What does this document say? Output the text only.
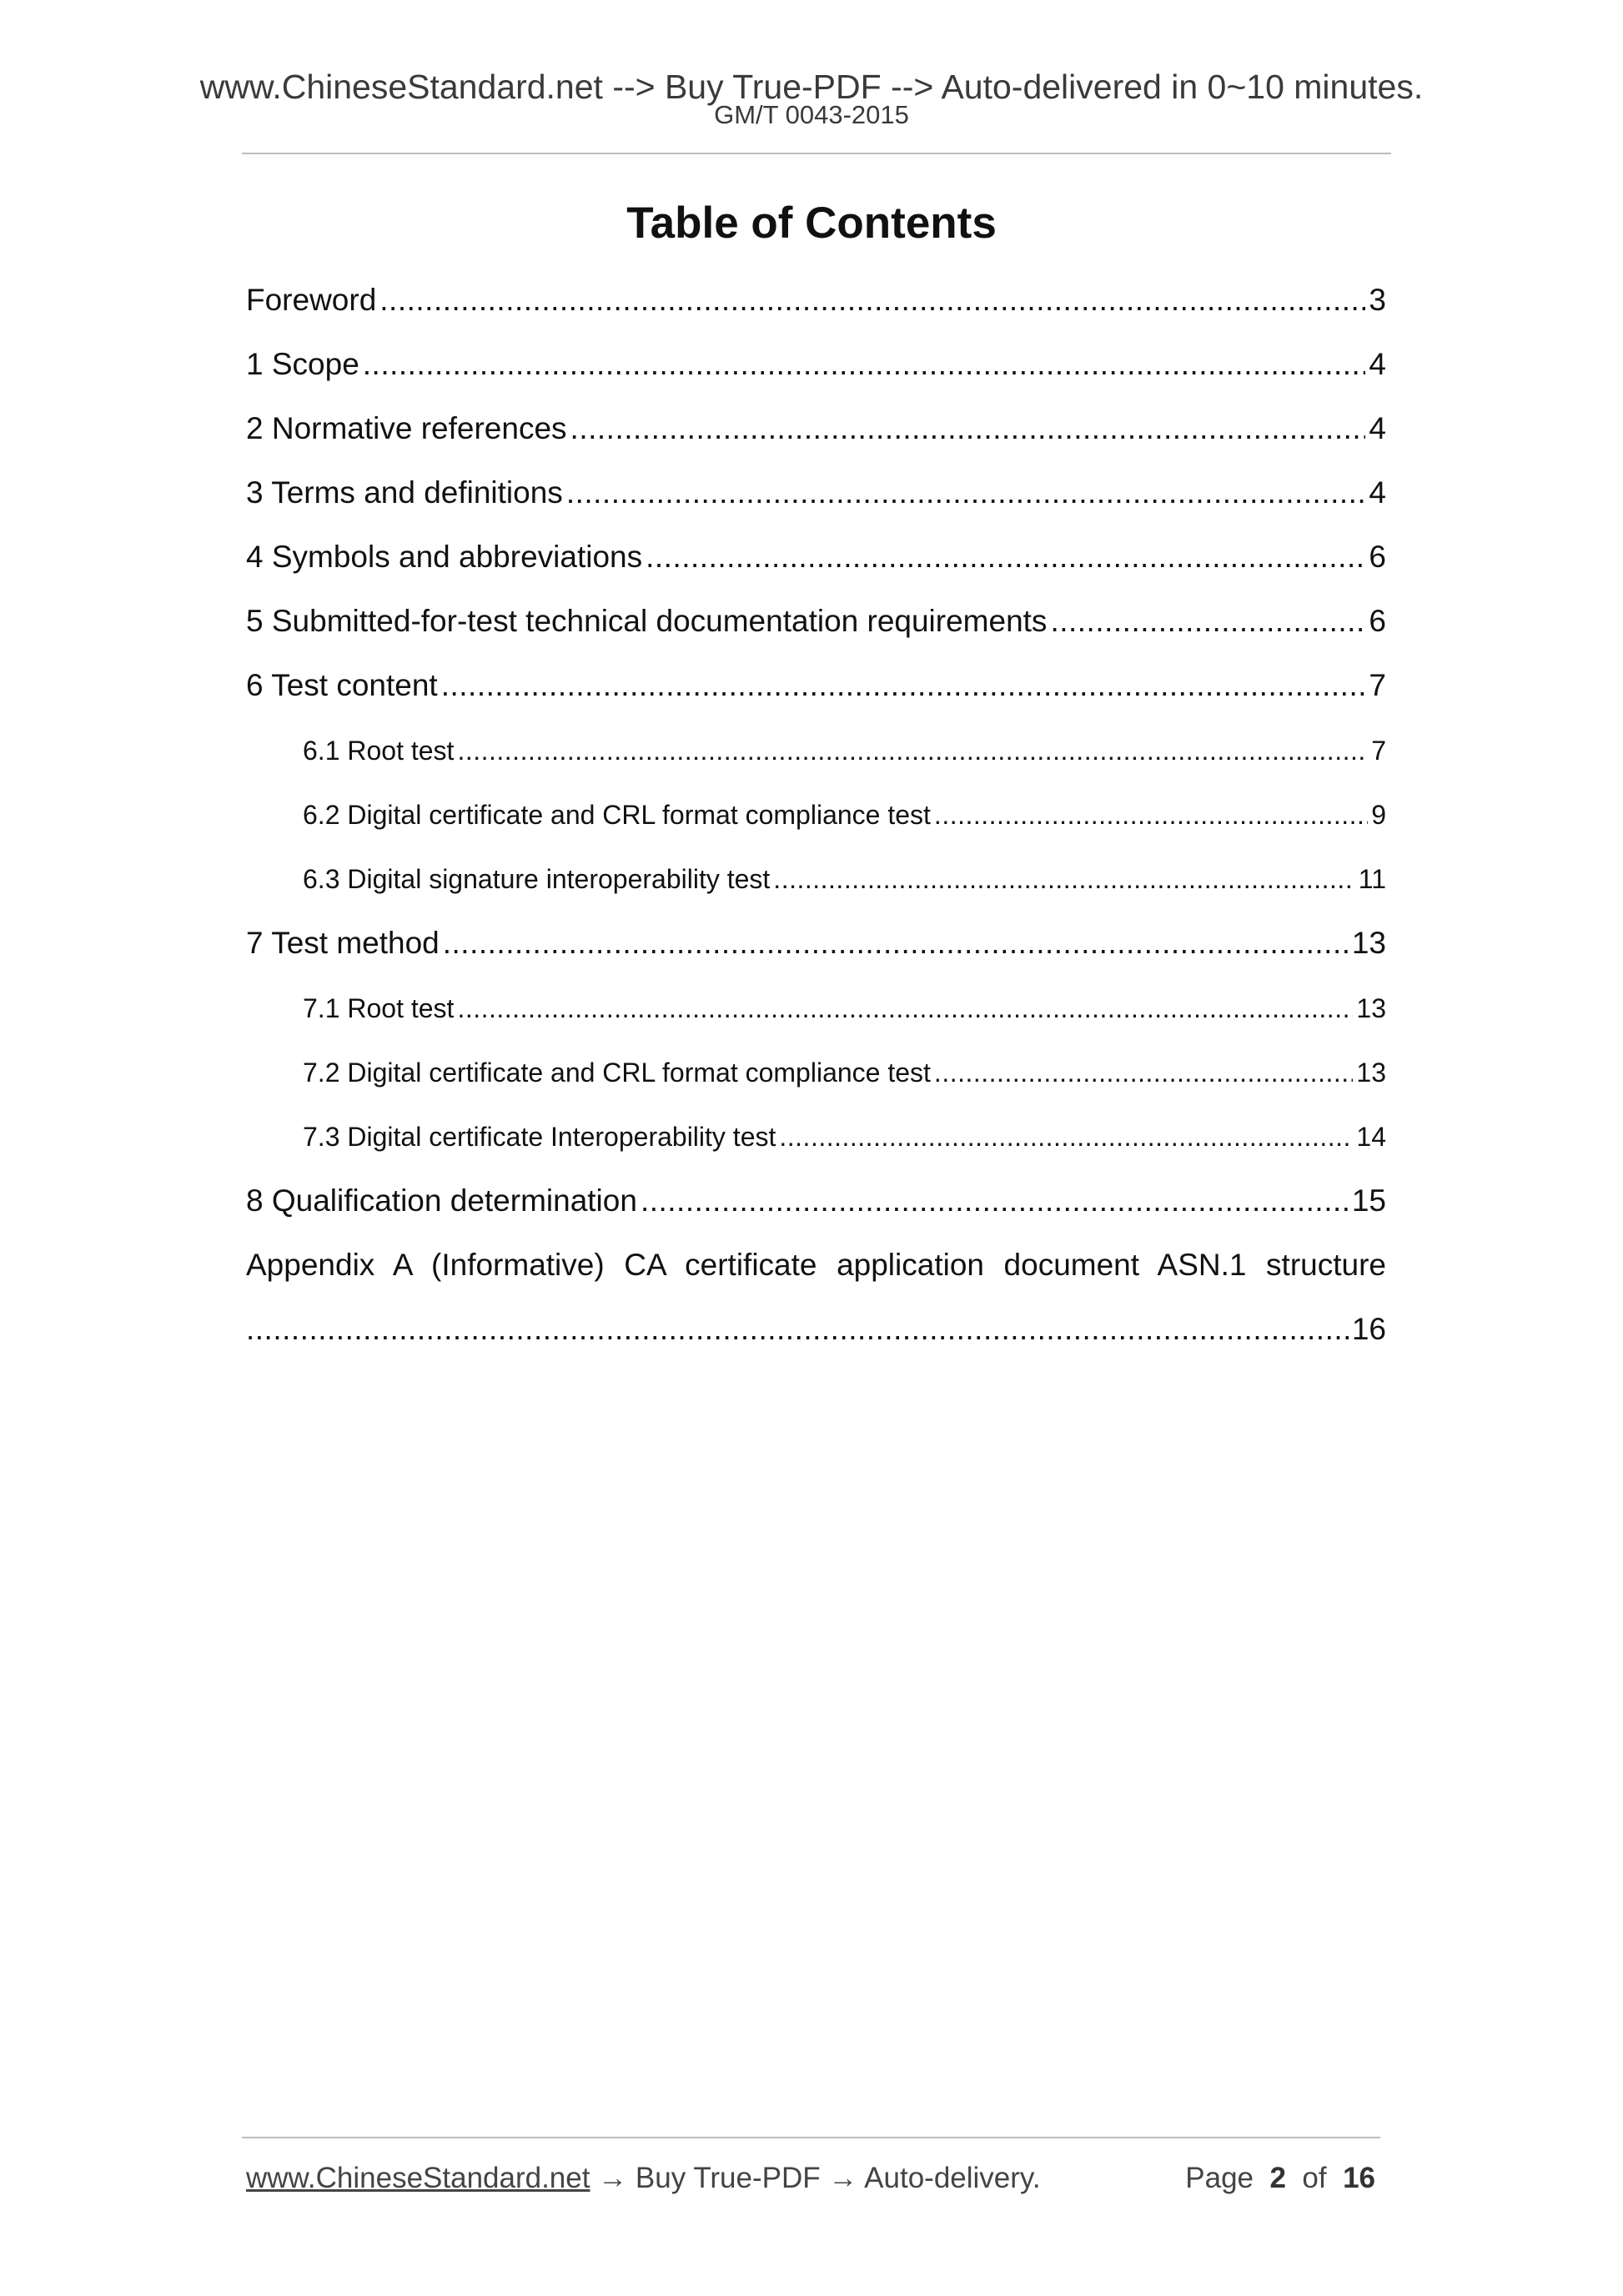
www.ChineseStandard.net --> Buy True-PDF --> Auto-delivered in 0~10 minutes.
GM/T 0043-2015
Table of Contents
Foreword .....	3
1 Scope .....	4
2 Normative references .....	4
3 Terms and definitions .....	4
4 Symbols and abbreviations .....	6
5 Submitted-for-test technical documentation requirements .....	6
6 Test content .....	7
6.1 Root test .....	7
6.2 Digital certificate and CRL format compliance test .....	9
6.3 Digital signature interoperability test .....	11
7 Test method .....	13
7.1 Root test .....	13
7.2 Digital certificate and CRL format compliance test .....	13
7.3 Digital certificate Interoperability test .....	14
8 Qualification determination .....	15
Appendix A (Informative) CA certificate application document ASN.1 structure
.....
16
www.ChineseStandard.net → Buy True-PDF → Auto-delivery.	Page 2 of 16
